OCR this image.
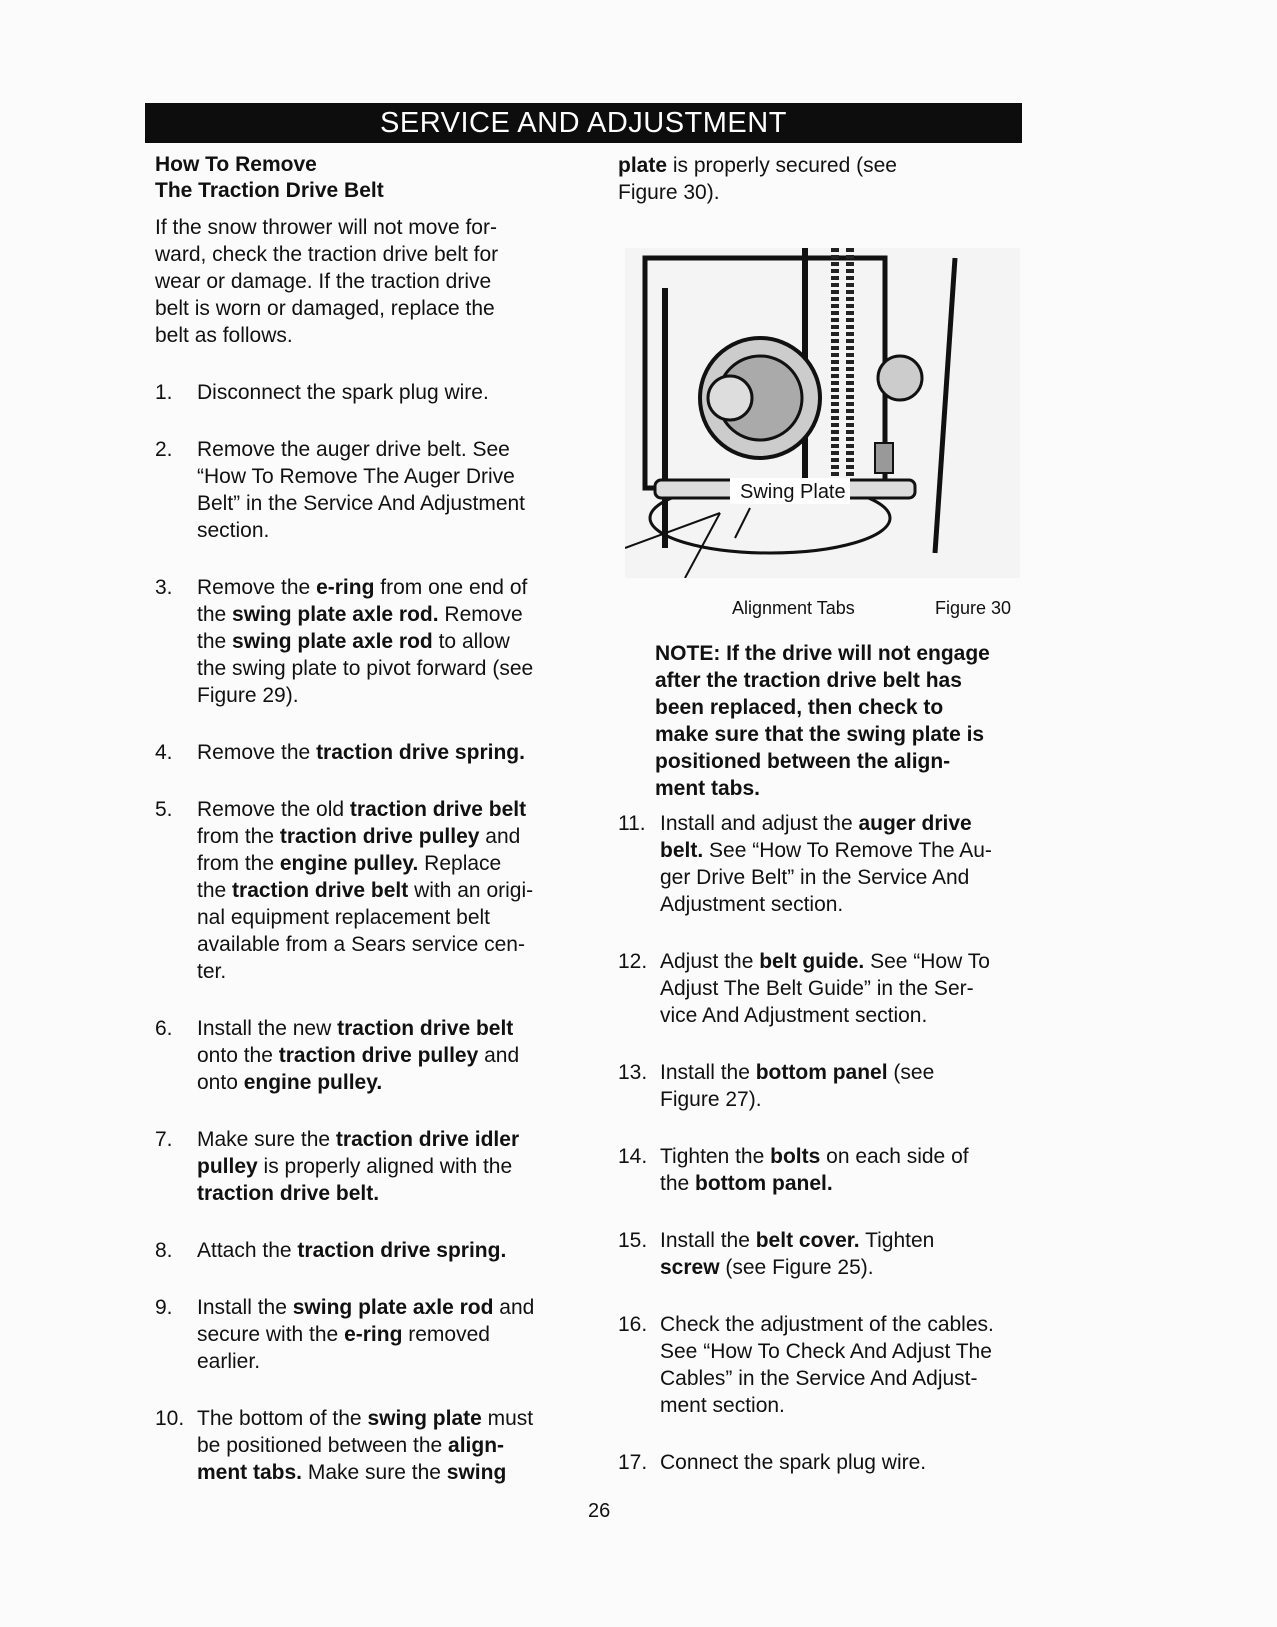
SERVICE AND ADJUSTMENT
How To Remove
The Traction Drive Belt
If the snow thrower will not move for-
ward, check the traction drive belt for
wear or damage. If the traction drive
belt is worn or damaged, replace the
belt as follows.
1.	Disconnect the spark plug wire.
2.	Remove the auger drive belt. See
“How To Remove The Auger Drive
Belt” in the Service And Adjustment
section.
3.	Remove the e-ring from one end of
the swing plate axle rod. Remove
the swing plate axle rod to allow
the swing plate to pivot forward (see
Figure 29).
4.	Remove the traction drive spring.
5.	Remove the old traction drive belt
from the traction drive pulley and
from the engine pulley. Replace
the traction drive belt with an origi-
nal equipment replacement belt
available from a Sears service cen-
ter.
6.	Install the new traction drive belt
onto the traction drive pulley and
onto engine pulley.
7.	Make sure the traction drive idler
pulley is properly aligned with the
traction drive belt.
8.	Attach the traction drive spring.
9.	Install the swing plate axle rod and
secure with the e-ring removed
earlier.
10. The bottom of the swing plate must
be positioned between the align-
ment tabs. Make sure the swing
plate is properly secured (see
Figure 30).
Swing Plate
Alignment Tabs	Figure 30
NOTE: If the drive will not engage
after the traction drive belt has
been replaced, then check to
make sure that the swing plate is
positioned between the align-
ment tabs.
11. Install and adjust the auger drive
belt. See “How To Remove The Au-
ger Drive Belt” in the Service And
Adjustment section.
12. Adjust the belt guide. See “How To
Adjust The Belt Guide” in the Ser-
vice And Adjustment section.
13. Install the bottom panel (see
Figure 27).
14. Tighten the bolts on each side of
the bottom panel.
15. Install the belt cover. Tighten
screw (see Figure 25).
16. Check the adjustment of the cables.
See “How To Check And Adjust The
Cables” in the Service And Adjust-
ment section.
17. Connect the spark plug wire.
26
